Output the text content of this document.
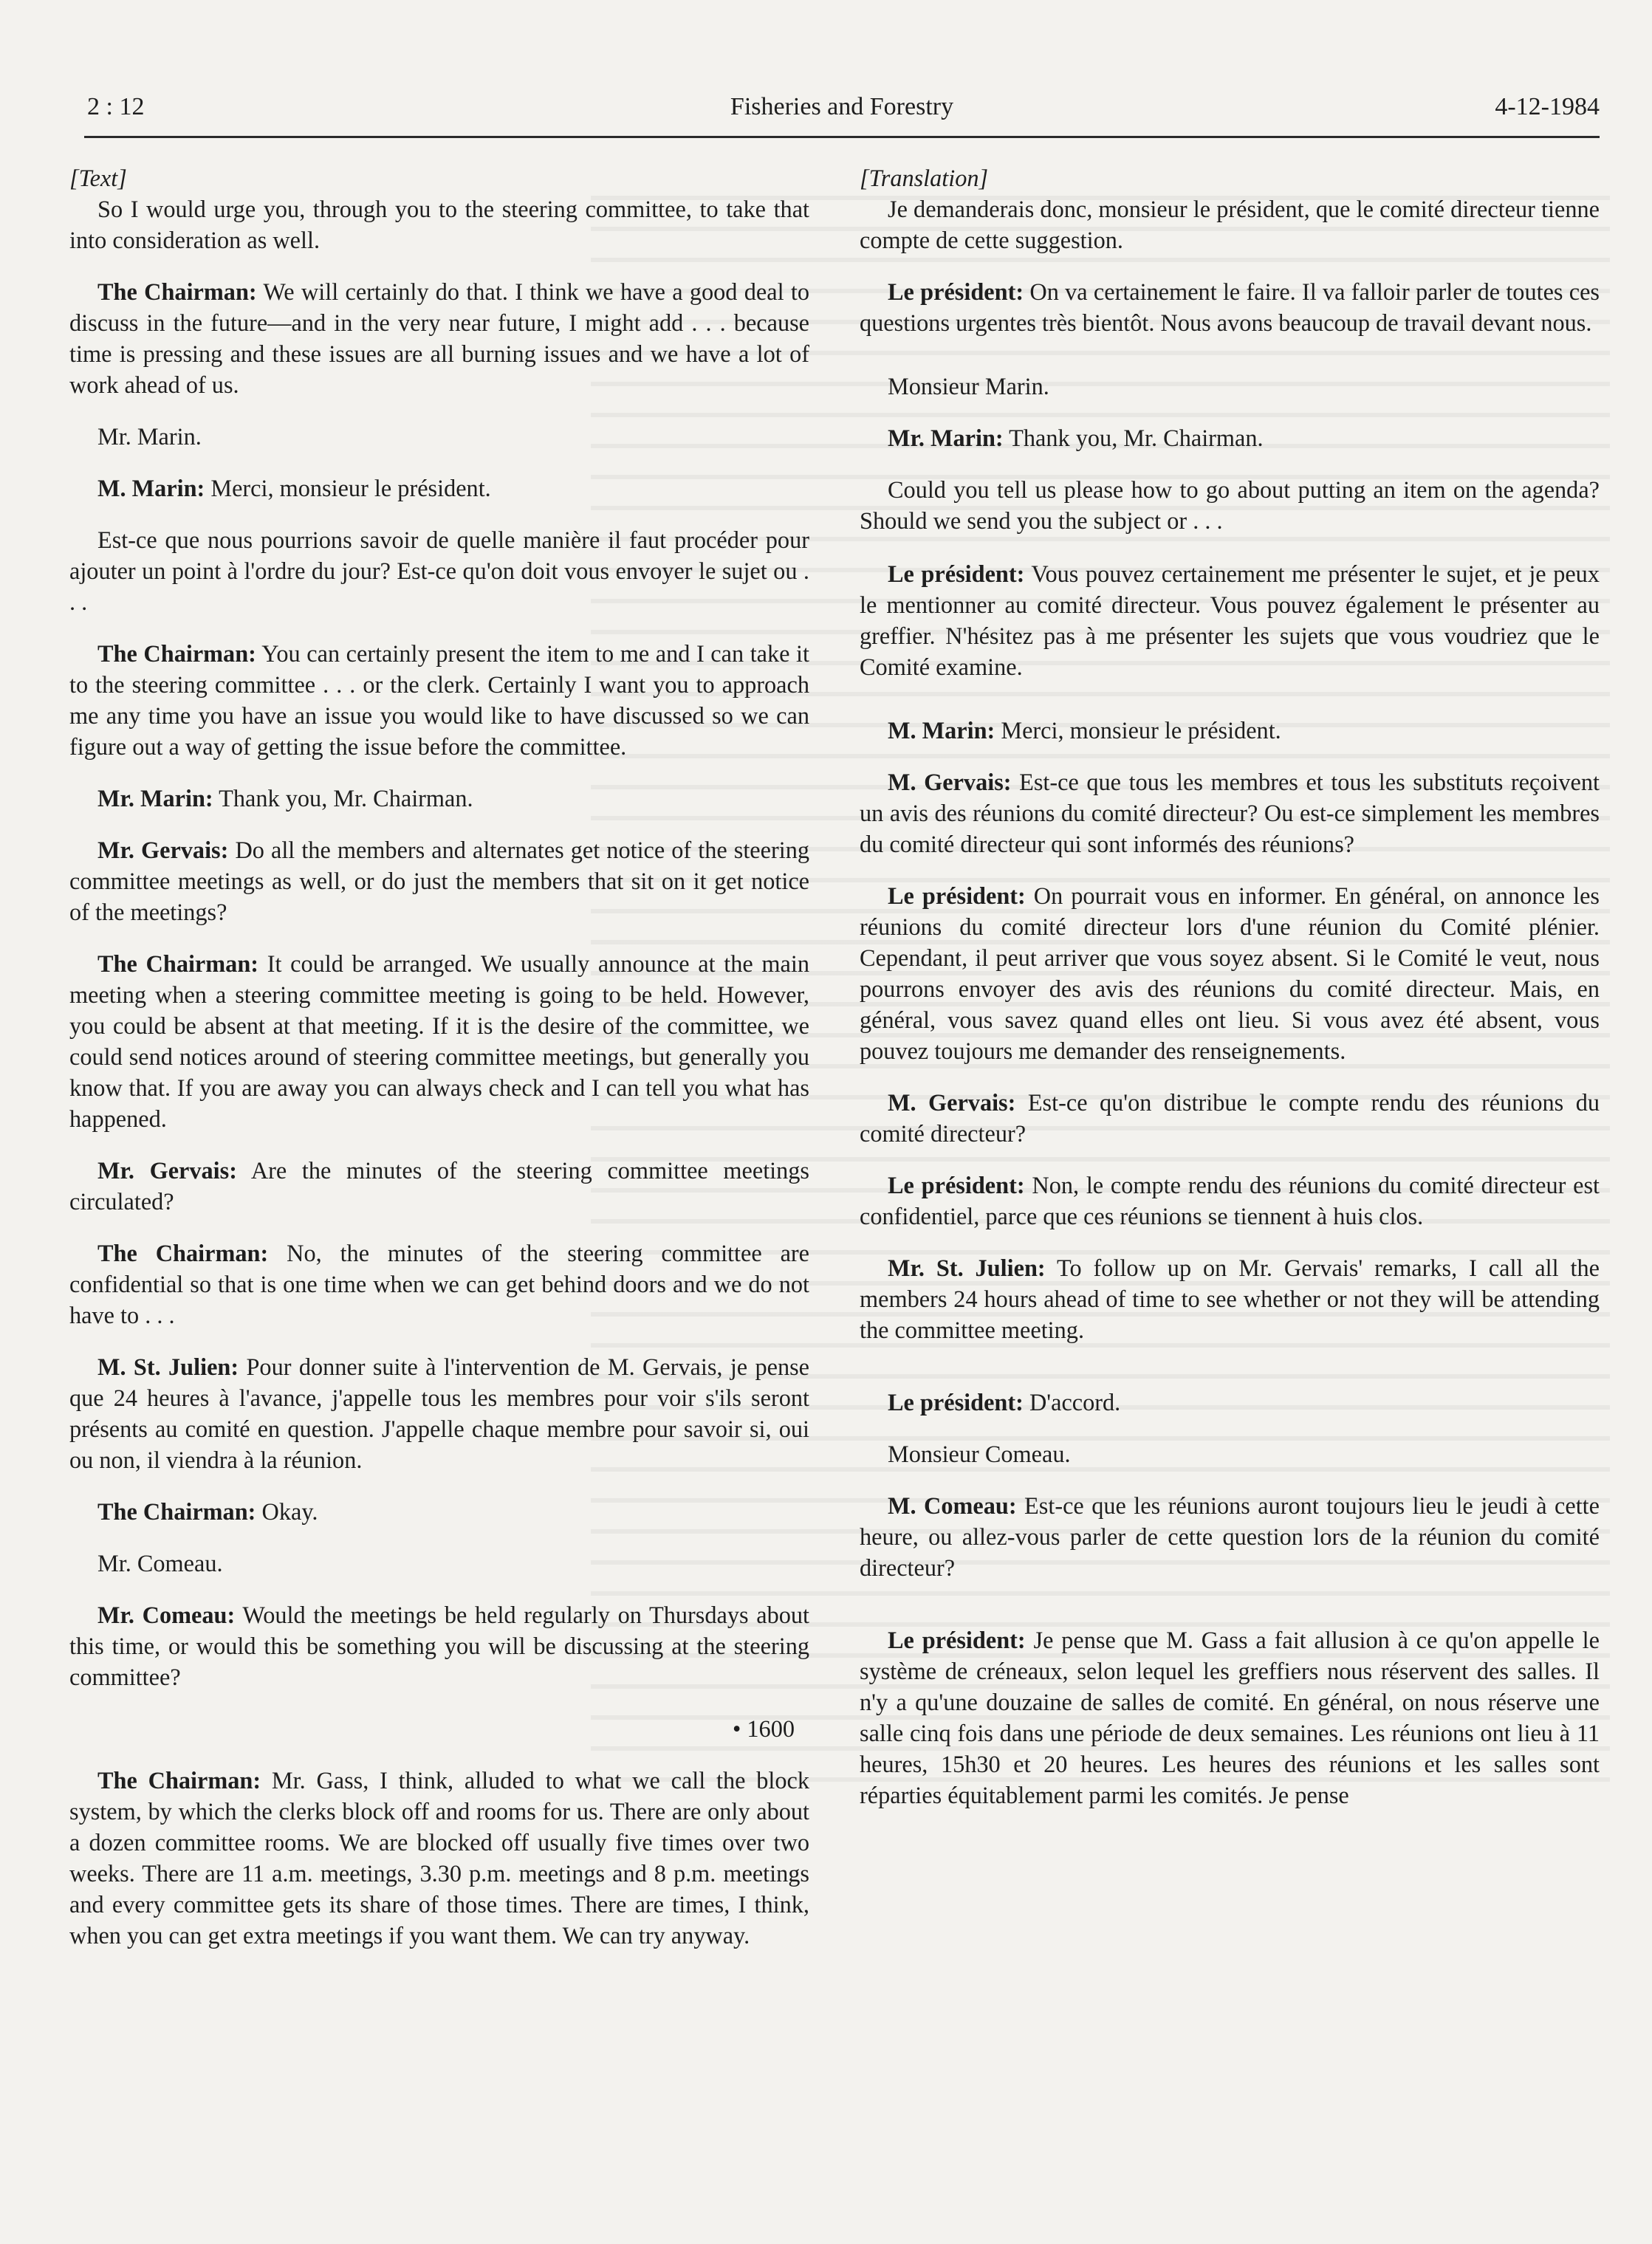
2 : 12	Fisheries and Forestry	4-12-1984

[Text]

So I would urge you, through you to the steering committee, to take that into consideration as well.

The Chairman: We will certainly do that. I think we have a good deal to discuss in the future—and in the very near future, I might add . . . because time is pressing and these issues are all burning issues and we have a lot of work ahead of us.

Mr. Marin.

M. Marin: Merci, monsieur le président.

Est-ce que nous pourrions savoir de quelle manière il faut procéder pour ajouter un point à l'ordre du jour? Est-ce qu'on doit vous envoyer le sujet ou . . .

The Chairman: You can certainly present the item to me and I can take it to the steering committee . . . or the clerk. Certainly I want you to approach me any time you have an issue you would like to have discussed so we can figure out a way of getting the issue before the committee.

Mr. Marin: Thank you, Mr. Chairman.

Mr. Gervais: Do all the members and alternates get notice of the steering committee meetings as well, or do just the members that sit on it get notice of the meetings?

The Chairman: It could be arranged. We usually announce at the main meeting when a steering committee meeting is going to be held. However, you could be absent at that meeting. If it is the desire of the committee, we could send notices around of steering committee meetings, but generally you know that. If you are away you can always check and I can tell you what has happened.

Mr. Gervais: Are the minutes of the steering committee meetings circulated?

The Chairman: No, the minutes of the steering committee are confidential so that is one time when we can get behind doors and we do not have to . . .

M. St. Julien: Pour donner suite à l'intervention de M. Gervais, je pense que 24 heures à l'avance, j'appelle tous les membres pour voir s'ils seront présents au comité en question. J'appelle chaque membre pour savoir si, oui ou non, il viendra à la réunion.

The Chairman: Okay.

Mr. Comeau.

Mr. Comeau: Would the meetings be held regularly on Thursdays about this time, or would this be something you will be discussing at the steering committee?

• 1600

The Chairman: Mr. Gass, I think, alluded to what we call the block system, by which the clerks block off and rooms for us. There are only about a dozen committee rooms. We are blocked off usually five times over two weeks. There are 11 a.m. meetings, 3.30 p.m. meetings and 8 p.m. meetings and every committee gets its share of those times. There are times, I think, when you can get extra meetings if you want them. We can try anyway.

[Translation]

Je demanderais donc, monsieur le président, que le comité directeur tienne compte de cette suggestion.

Le président: On va certainement le faire. Il va falloir parler de toutes ces questions urgentes très bientôt. Nous avons beaucoup de travail devant nous.

Monsieur Marin.

Mr. Marin: Thank you, Mr. Chairman.

Could you tell us please how to go about putting an item on the agenda? Should we send you the subject or . . .

Le président: Vous pouvez certainement me présenter le sujet, et je peux le mentionner au comité directeur. Vous pouvez également le présenter au greffier. N'hésitez pas à me présenter les sujets que vous voudriez que le Comité examine.

M. Marin: Merci, monsieur le président.

M. Gervais: Est-ce que tous les membres et tous les substituts reçoivent un avis des réunions du comité directeur? Ou est-ce simplement les membres du comité directeur qui sont informés des réunions?

Le président: On pourrait vous en informer. En général, on annonce les réunions du comité directeur lors d'une réunion du Comité plénier. Cependant, il peut arriver que vous soyez absent. Si le Comité le veut, nous pourrons envoyer des avis des réunions du comité directeur. Mais, en général, vous savez quand elles ont lieu. Si vous avez été absent, vous pouvez toujours me demander des renseignements.

M. Gervais: Est-ce qu'on distribue le compte rendu des réunions du comité directeur?

Le président: Non, le compte rendu des réunions du comité directeur est confidentiel, parce que ces réunions se tiennent à huis clos.

Mr. St. Julien: To follow up on Mr. Gervais' remarks, I call all the members 24 hours ahead of time to see whether or not they will be attending the committee meeting.

Le président: D'accord.

Monsieur Comeau.

M. Comeau: Est-ce que les réunions auront toujours lieu le jeudi à cette heure, ou allez-vous parler de cette question lors de la réunion du comité directeur?

Le président: Je pense que M. Gass a fait allusion à ce qu'on appelle le système de créneaux, selon lequel les greffiers nous réservent des salles. Il n'y a qu'une douzaine de salles de comité. En général, on nous réserve une salle cinq fois dans une période de deux semaines. Les réunions ont lieu à 11 heures, 15h30 et 20 heures. Les heures des réunions et les salles sont réparties équitablement parmi les comités. Je pense
